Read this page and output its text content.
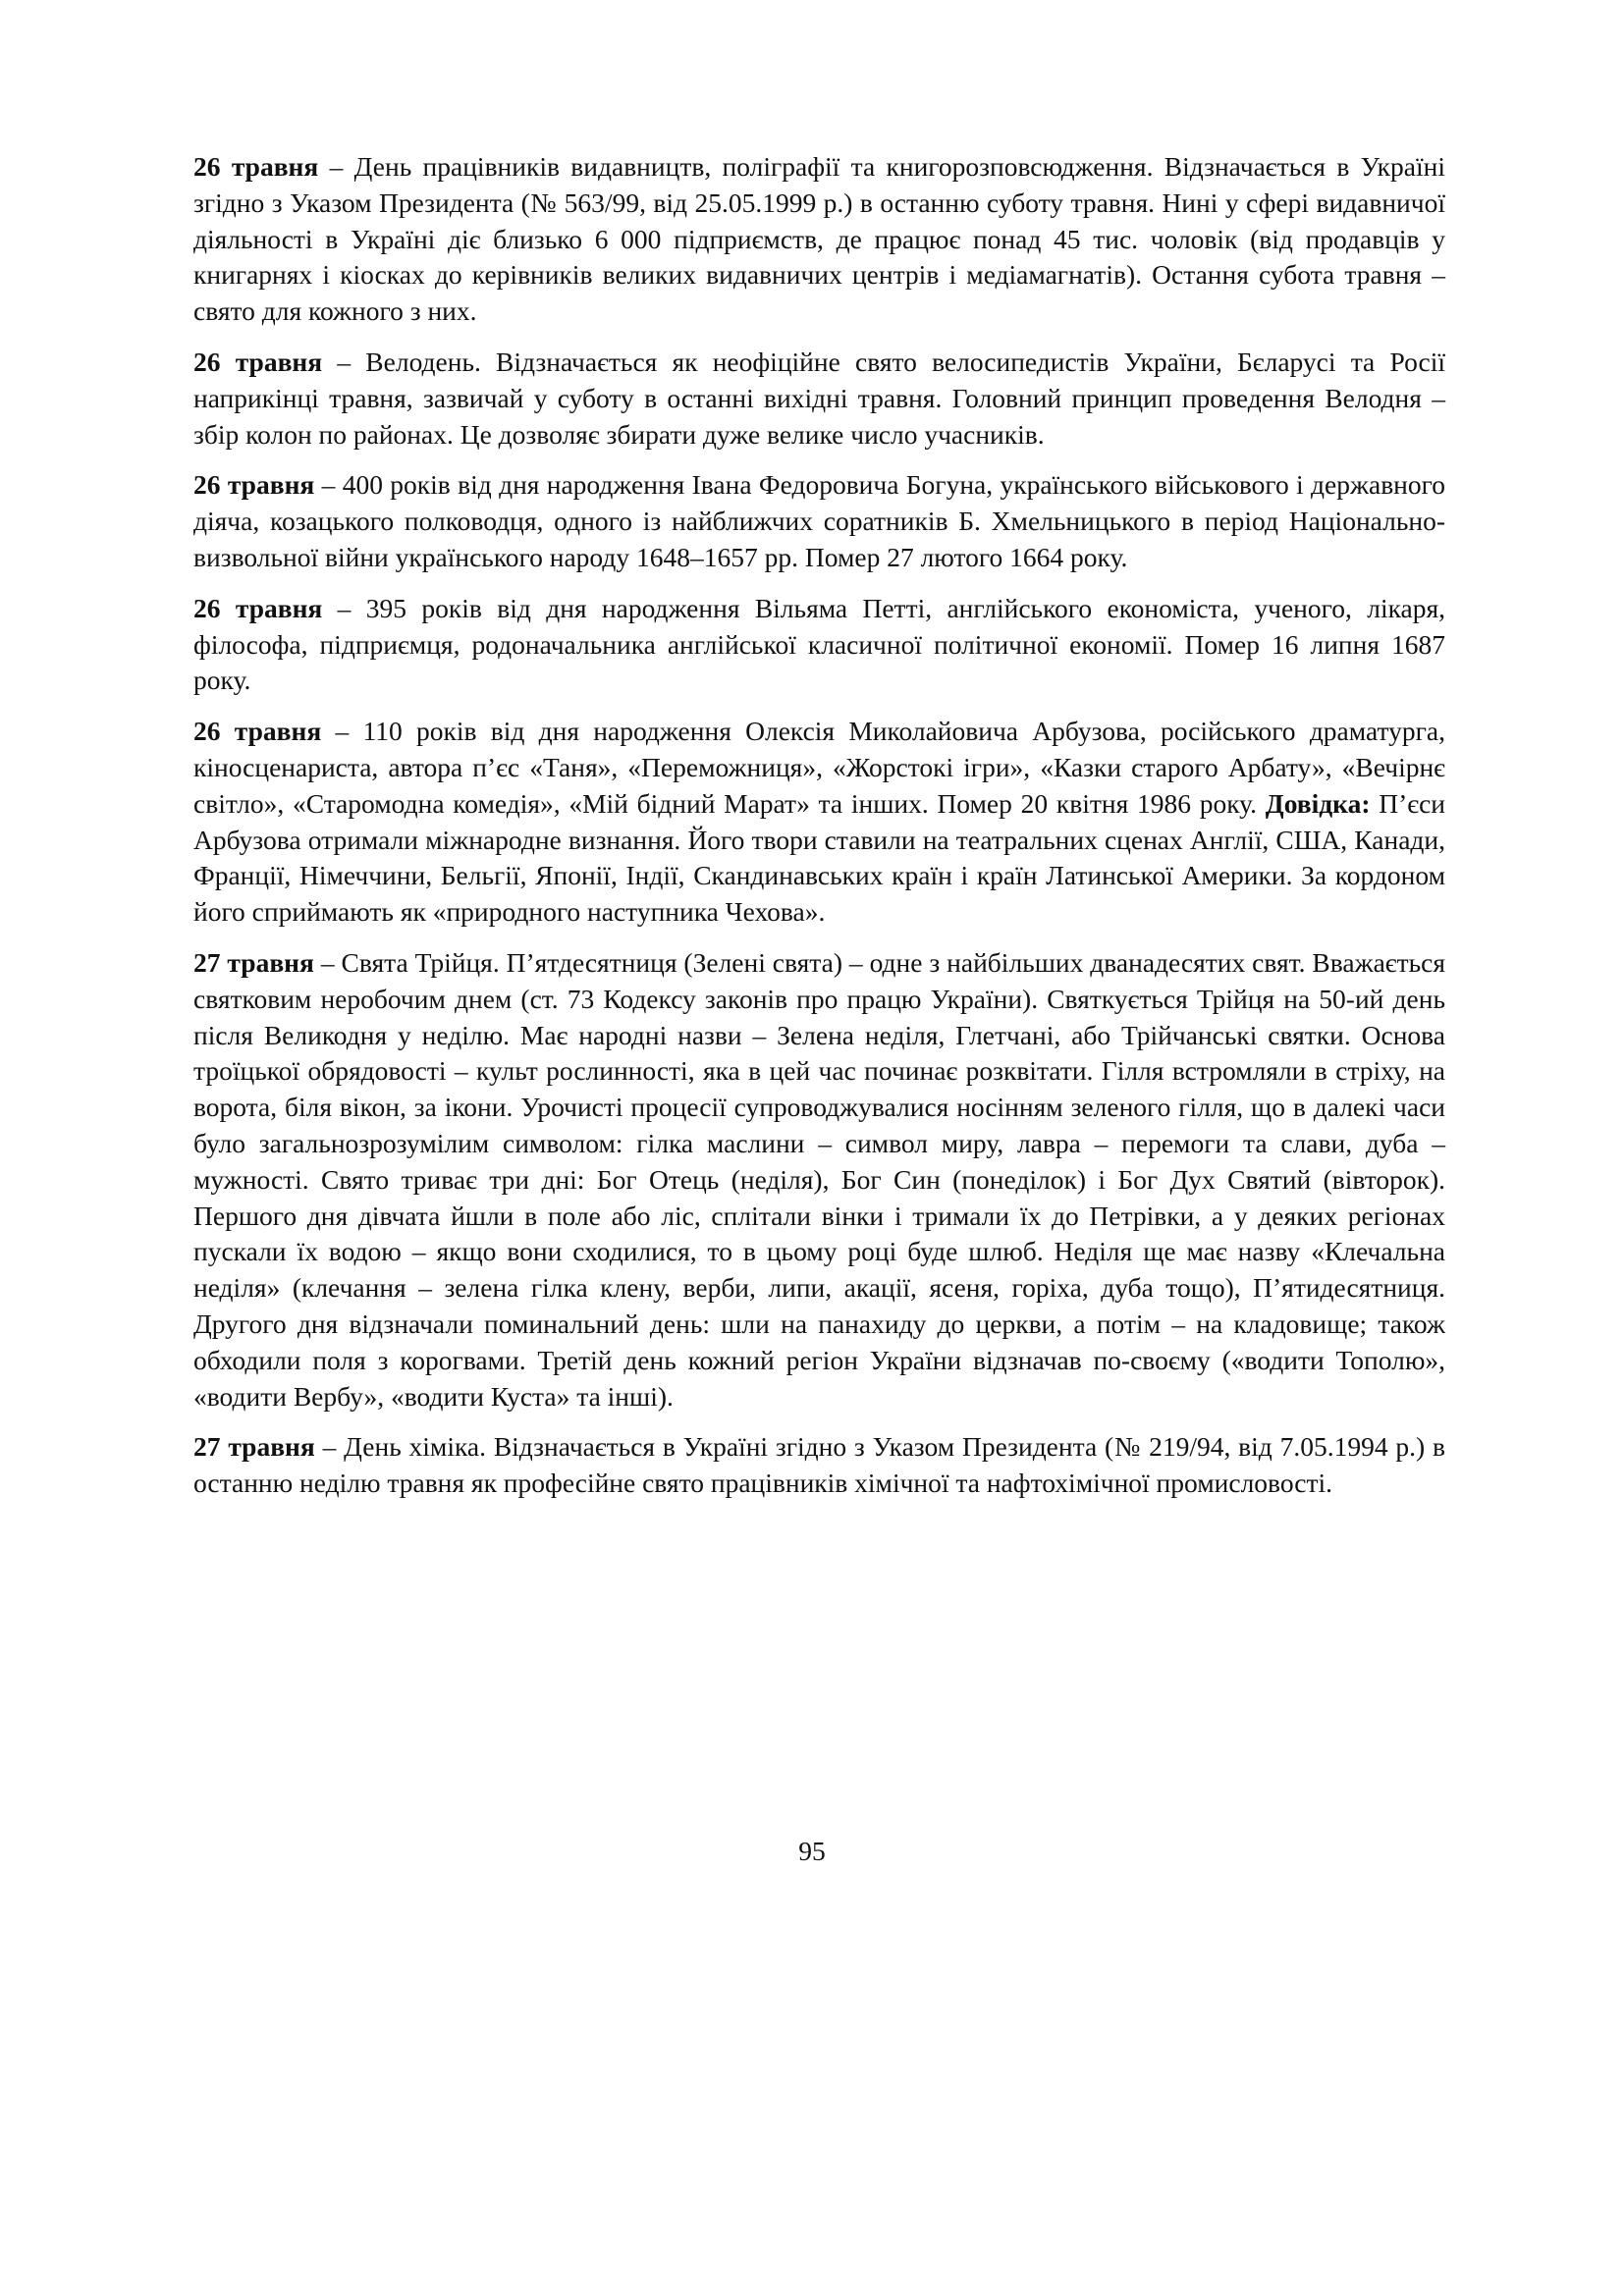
26 травня – День працівників видавництв, поліграфії та книгорозповсюдження. Відзначається в Україні згідно з Указом Президента (№ 563/99, від 25.05.1999 р.) в останню суботу травня. Нині у сфері видавничої діяльності в Україні діє близько 6 000 підприємств, де працює понад 45 тис. чоловік (від продавців у книгарнях і кіосках до керівників великих видавничих центрів і медіамагнатів). Остання субота травня – свято для кожного з них.
26 травня – Велодень. Відзначається як неофіційне свято велосипедистів України, Бєларусі та Росії наприкінці травня, зазвичай у суботу в останні вихідні травня. Головний принцип проведення Велодня – збір колон по районах. Це дозволяє збирати дуже велике число учасників.
26 травня – 400 років від дня народження Івана Федоровича Богуна, українського військового і державного діяча, козацького полководця, одного із найближчих соратників Б. Хмельницького в період Національно-визвольної війни українського народу 1648–1657 рр. Помер 27 лютого 1664 року.
26 травня – 395 років від дня народження Вільяма Петті, англійського економіста, ученого, лікаря, філософа, підприємця, родоначальника англійської класичної політичної економії. Помер 16 липня 1687 року.
26 травня – 110 років від дня народження Олексія Миколайовича Арбузова, російського драматурга, кіносценариста, автора п’єс «Таня», «Переможниця», «Жорстокі ігри», «Казки старого Арбату», «Вечірнє світло», «Старомодна комедія», «Мій бідний Марат» та інших. Помер 20 квітня 1986 року. Довідка: П’єси Арбузова отримали міжнародне визнання. Його твори ставили на театральних сценах Англії, США, Канади, Франції, Німеччини, Бельгії, Японії, Індії, Скандинавських країн і країн Латинської Америки. За кордоном його сприймають як «природного наступника Чехова».
27 травня – Свята Трійця. П’ятдесятниця (Зелені свята) – одне з найбільших дванадесятих свят. Вважається святковим неробочим днем (ст. 73 Кодексу законів про працю України). Святкується Трійця на 50-ий день після Великодня у неділю. Має народні назви – Зелена неділя, Глетчані, або Трійчанські святки. Основа троїцької обрядовості – культ рослинності, яка в цей час починає розквітати. Гілля встромляли в стріху, на ворота, біля вікон, за ікони. Урочисті процесії супроводжувалися носінням зеленого гілля, що в далекі часи було загальнозрозумілим символом: гілка маслини – символ миру, лавра – перемоги та слави, дуба – мужності. Свято триває три дні: Бог Отець (неділя), Бог Син (понеділок) і Бог Дух Святий (вівторок). Першого дня дівчата йшли в поле або ліс, сплітали вінки і тримали їх до Петрівки, а у деяких регіонах пускали їх водою – якщо вони сходилися, то в цьому році буде шлюб. Неділя ще має назву «Клечальна неділя» (клечання – зелена гілка клену, верби, липи, акації, ясеня, горіха, дуба тощо), П’ятидесятниця. Другого дня відзначали поминальний день: шли на панахиду до церкви, а потім – на кладовище; також обходили поля з корогвами. Третій день кожний регіон України відзначав по-своєму («водити Тополю», «водити Вербу», «водити Куста» та інші).
27 травня – День хіміка. Відзначається в Україні згідно з Указом Президента (№ 219/94, від 7.05.1994 р.) в останню неділю травня як професійне свято працівників хімічної та нафтохімічної промисловості.
95
